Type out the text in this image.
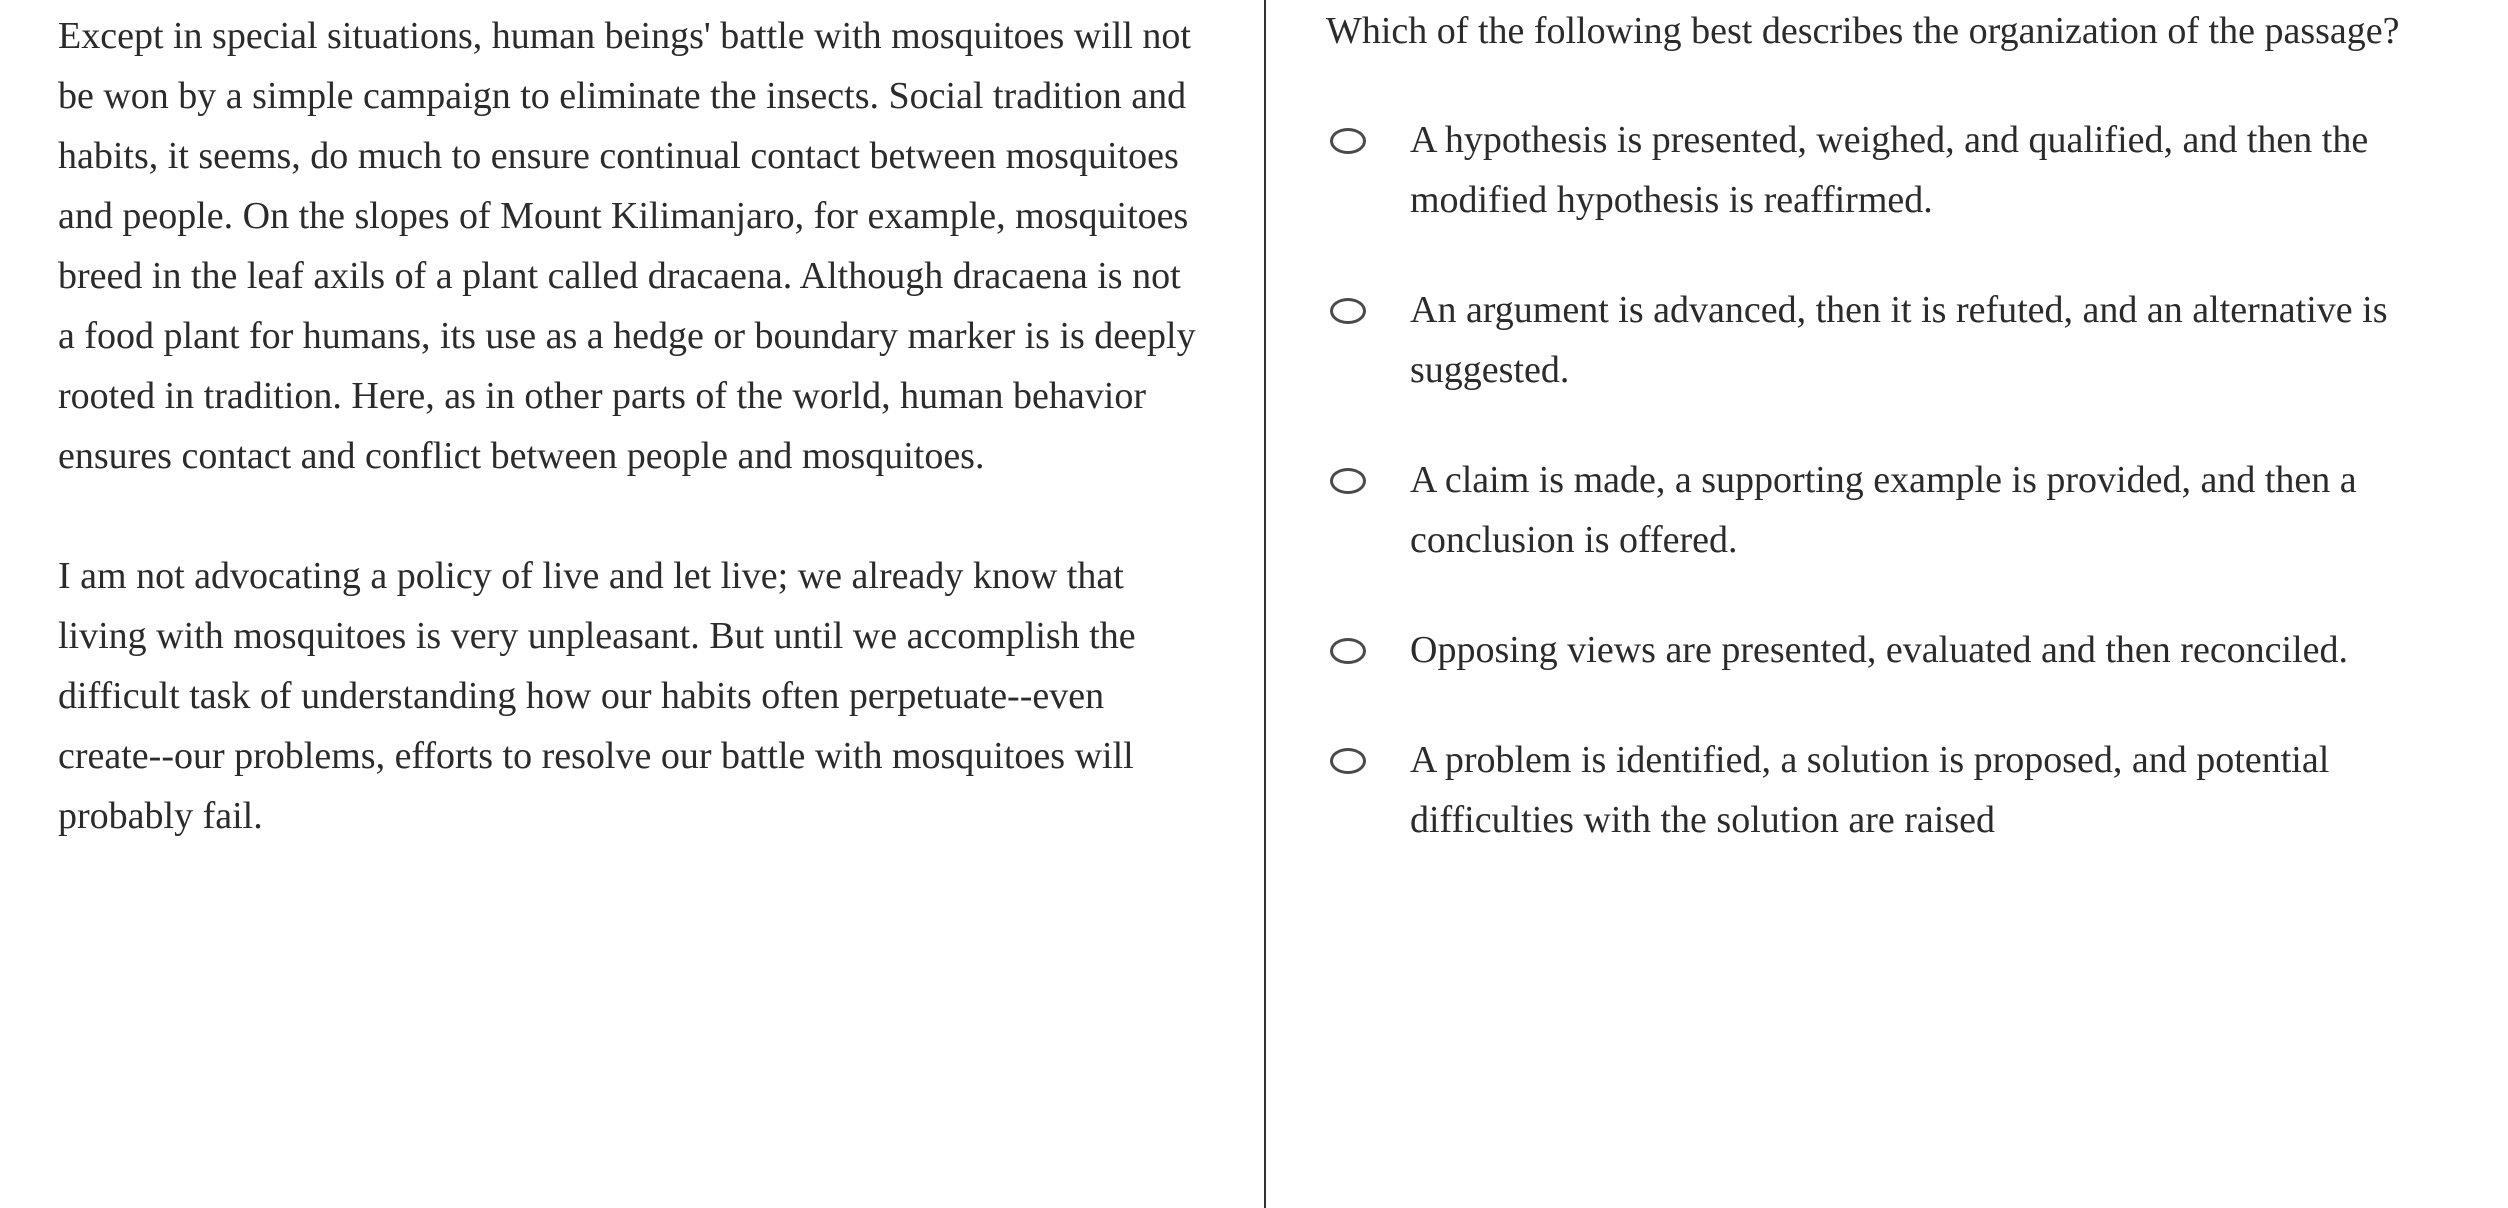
Except in special situations, human beings' battle with mosquitoes will not be won by a simple campaign to eliminate the insects. Social tradition and habits, it seems, do much to ensure continual contact between mosquitoes and people. On the slopes of Mount Kilimanjaro, for example, mosquitoes breed in the leaf axils of a plant called dracaena. Although dracaena is not a food plant for humans, its use as a hedge or boundary marker is is deeply rooted in tradition. Here, as in other parts of the world, human behavior ensures contact and conflict between people and mosquitoes.

I am not advocating a policy of live and let live; we already know that living with mosquitoes is very unpleasant. But until we accomplish the difficult task of understanding how our habits often perpetuate--even create--our problems, efforts to resolve our battle with mosquitoes will probably fail.

Which of the following best describes the organization of the passage?

A hypothesis is presented, weighed, and qualified, and then the modified hypothesis is reaffirmed.
An argument is advanced, then it is refuted, and an alternative is suggested.
A claim is made, a supporting example is provided, and then a conclusion is offered.
Opposing views are presented, evaluated and then reconciled.
A problem is identified, a solution is proposed, and potential difficulties with the solution are raised
